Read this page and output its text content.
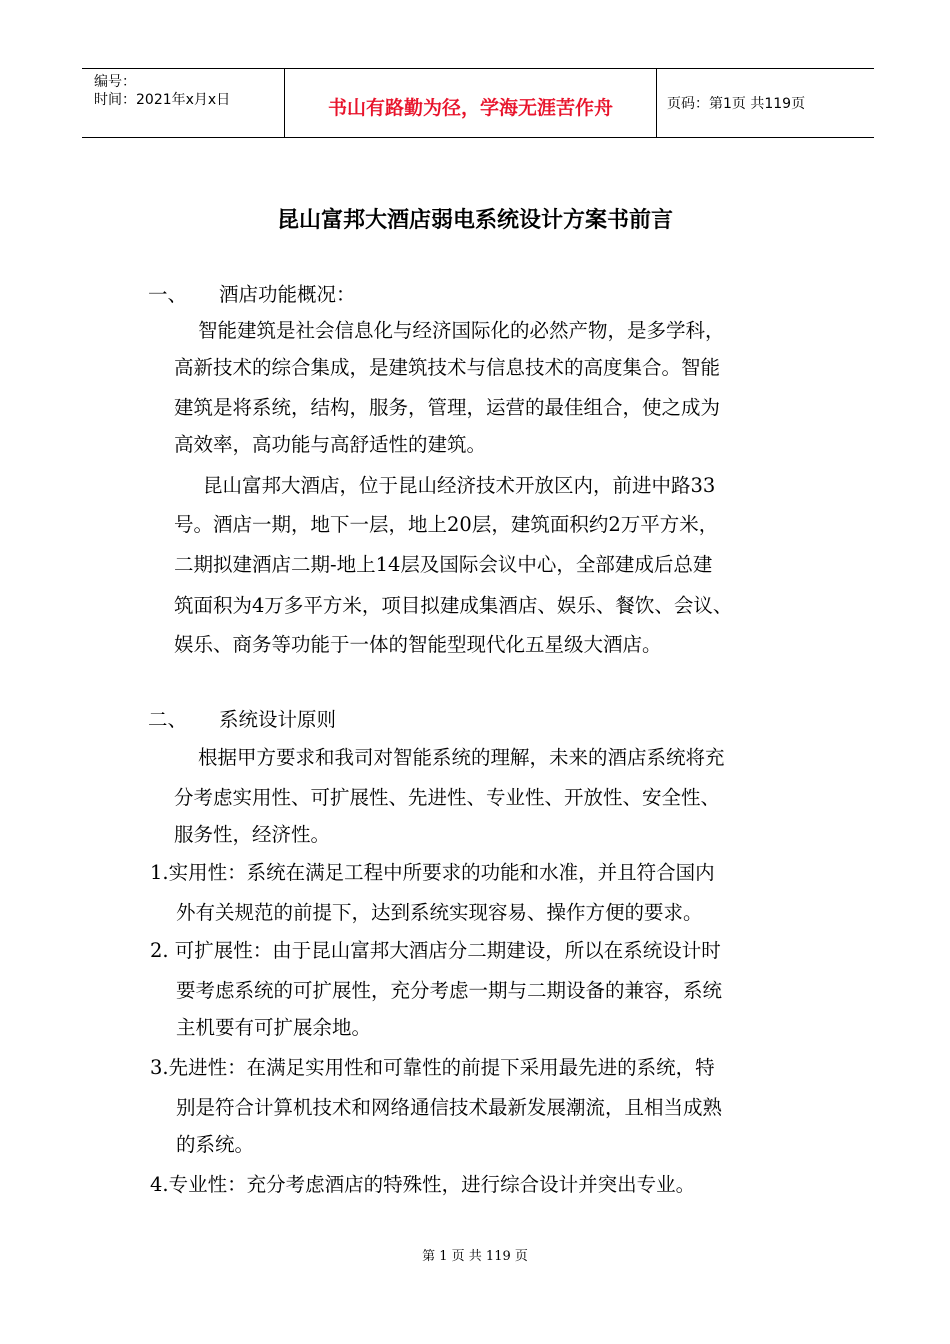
编号：
时间：2021年x月x日	书山有路勤为径，学海无涯苦作舟	页码：第1页 共119页
昆山富邦大酒店弱电系统设计方案书前言
一、 酒店功能概况：
智能建筑是社会信息化与经济国际化的必然产物，是多学科，
高新技术的综合集成，是建筑技术与信息技术的高度集合。智能
建筑是将系统，结构，服务，管理，运营的最佳组合，使之成为
高效率，高功能与高舒适性的建筑。
昆山富邦大酒店，位于昆山经济技术开放区内，前进中路33
号。酒店一期，地下一层，地上20层，建筑面积约2万平方米，
二期拟建酒店二期-地上14层及国际会议中心，全部建成后总建
筑面积为4万多平方米，项目拟建成集酒店、娱乐、餐饮、会议、
娱乐、商务等功能于一体的智能型现代化五星级大酒店。
二、 系统设计原则
根据甲方要求和我司对智能系统的理解，未来的酒店系统将充
分考虑实用性、可扩展性、先进性、专业性、开放性、安全性、
服务性，经济性。
1.实用性：系统在满足工程中所要求的功能和水准，并且符合国内
外有关规范的前提下，达到系统实现容易、操作方便的要求。
2. 可扩展性：由于昆山富邦大酒店分二期建设，所以在系统设计时
要考虑系统的可扩展性，充分考虑一期与二期设备的兼容，系统
主机要有可扩展余地。
3.先进性：在满足实用性和可靠性的前提下采用最先进的系统，特
别是符合计算机技术和网络通信技术最新发展潮流，且相当成熟
的系统。
4.专业性：充分考虑酒店的特殊性，进行综合设计并突出专业。
第 1 页 共 119 页
